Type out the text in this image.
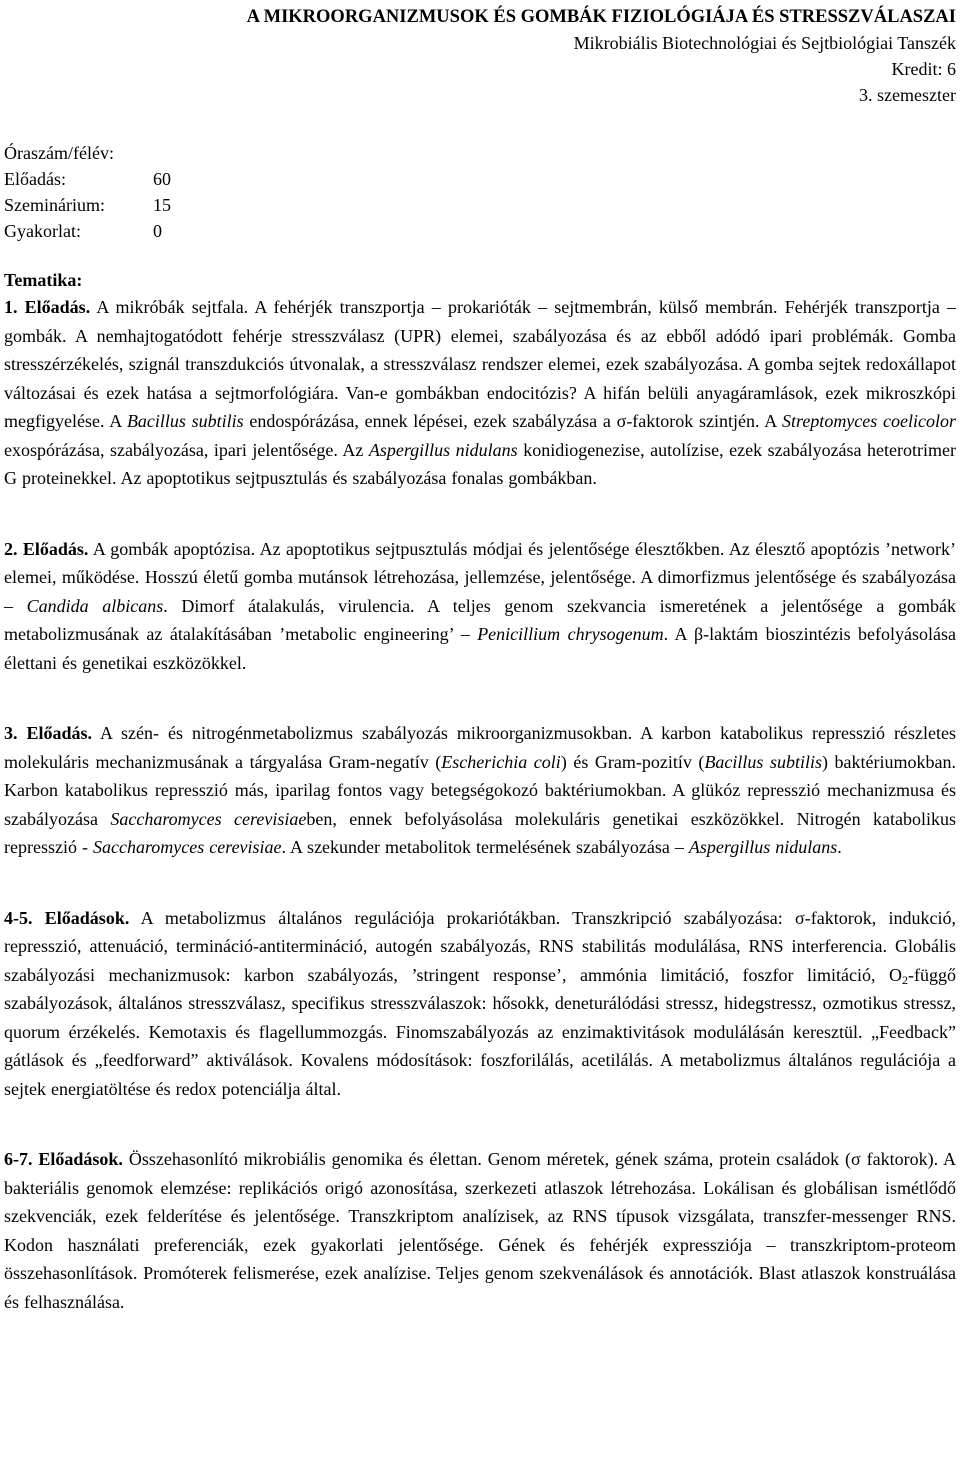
A MIKROORGANIZMUSOK ÉS GOMBÁK FIZIOLÓGIÁJA ÉS STRESSZVÁLASZAI
Mikrobiális Biotechnológiai és Sejtbiológiai Tanszék
Kredit: 6
3. szemeszter
Óraszám/félév:
Előadás:	60
Szeminárium:	15
Gyakorlat:	0
Tematika:

1. Előadás. A mikróbák sejtfala. A fehérjék transzportja – prokarióták – sejtmembrán, külső membrán. Fehérjék transzportja – gombák. A nemhajtogatódott fehérje stresszválasz (UPR) elemei, szabályozása és az ebből adódó ipari problémák. Gomba stresszérzékelés, szignál transzdukciós útvonalak, a stresszválasz rendszer elemei, ezek szabályozása. A gomba sejtek redoxállapot változásai és ezek hatása a sejtmorfológiára. Van-e gombákban endocitózis? A hifán belüli anyagáramlások, ezek mikroszkópi megfigyelése. A Bacillus subtilis endospórázása, ennek lépései, ezek szabályzása a σ-faktorok szintjén. A Streptomyces coelicolor exospórázása, szabályozása, ipari jelentősége. Az Aspergillus nidulans konidiogenezise, autolízise, ezek szabályozása heterotrimer G proteinekkel. Az apoptotikus sejtpusztulás és szabályozása fonalas gombákban.

2. Előadás. A gombák apoptózisa. Az apoptotikus sejtpusztulás módjai és jelentősége élesztőkben. Az élesztő apoptózis ’network’ elemei, működése. Hosszú életű gomba mutánsok létrehozása, jellemzése, jelentősége. A dimorfizmus jelentősége és szabályozása – Candida albicans. Dimorf átalakulás, virulencia. A teljes genom szekvancia ismeretének a jelentősége a gombák metabolizmusának az átalakításában ’metabolic engineering’ – Penicillium chrysogenum. A β-laktám bioszintézis befolyásolása élettani és genetikai eszközökkel.

3. Előadás. A szén- és nitrogénmetabolizmus szabályozás mikroorganizmusokban. A karbon katabolikus represszió részletes molekuláris mechanizmusának a tárgyalása Gram-negatív (Escherichia coli) és Gram-pozitív (Bacillus subtilis) baktériumokban. Karbon katabolikus represszió más, iparilag fontos vagy betegségokozó baktériumokban. A glükóz represszió mechanizmusa és szabályozása Saccharomyces cerevisiaeben, ennek befolyásolása molekuláris genetikai eszközökkel. Nitrogén katabolikus represszió - Saccharomyces cerevisiae. A szekunder metabolitok termelésének szabályozása – Aspergillus nidulans.

4-5. Előadások. A metabolizmus általános regulációja prokariótákban. Transzkripció szabályozása: σ-faktorok, indukció, represszió, attenuáció, termináció-antitermináció, autogén szabályozás, RNS stabilitás modulálása, RNS interferencia. Globális szabályozási mechanizmusok: karbon szabályozás, ’stringent response’, ammónia limitáció, foszfor limitáció, $O_2$-függő szabályozások, általános stresszválasz, specifikus stresszválaszok: hősokk, deneturálódási stressz, hidegstressz, ozmotikus stressz, quorum érzékelés. Kemotaxis és flagellummozgás. Finomszabályozás az enzimaktivitások modulálásán keresztül. „Feedback” gátlások és „feedforward” aktiválások. Kovalens módosítások: foszforilálás, acetilálás. A metabolizmus általános regulációja a sejtek energiatöltése és redox potenciálja által.

6-7. Előadások. Összehasonlító mikrobiális genomika és élettan. Genom méretek, gének száma, protein családok (σ faktorok). A bakteriális genomok elemzése: replikációs origó azonosítása, szerkezeti atlaszok létrehozása. Lokálisan és globálisan ismétlődő szekvenciák, ezek felderítése és jelentősége. Transzkriptom analízisek, az RNS típusok vizsgálata, transzfer-messenger RNS. Kodon használati preferenciák, ezek gyakorlati jelentősége. Gének és fehérjék expressziója – transzkriptom-proteom összehasonlítások. Promóterek felismerése, ezek analízise. Teljes genom szekvenálások és annotációk. Blast atlaszok konstruálása és felhasználása.
